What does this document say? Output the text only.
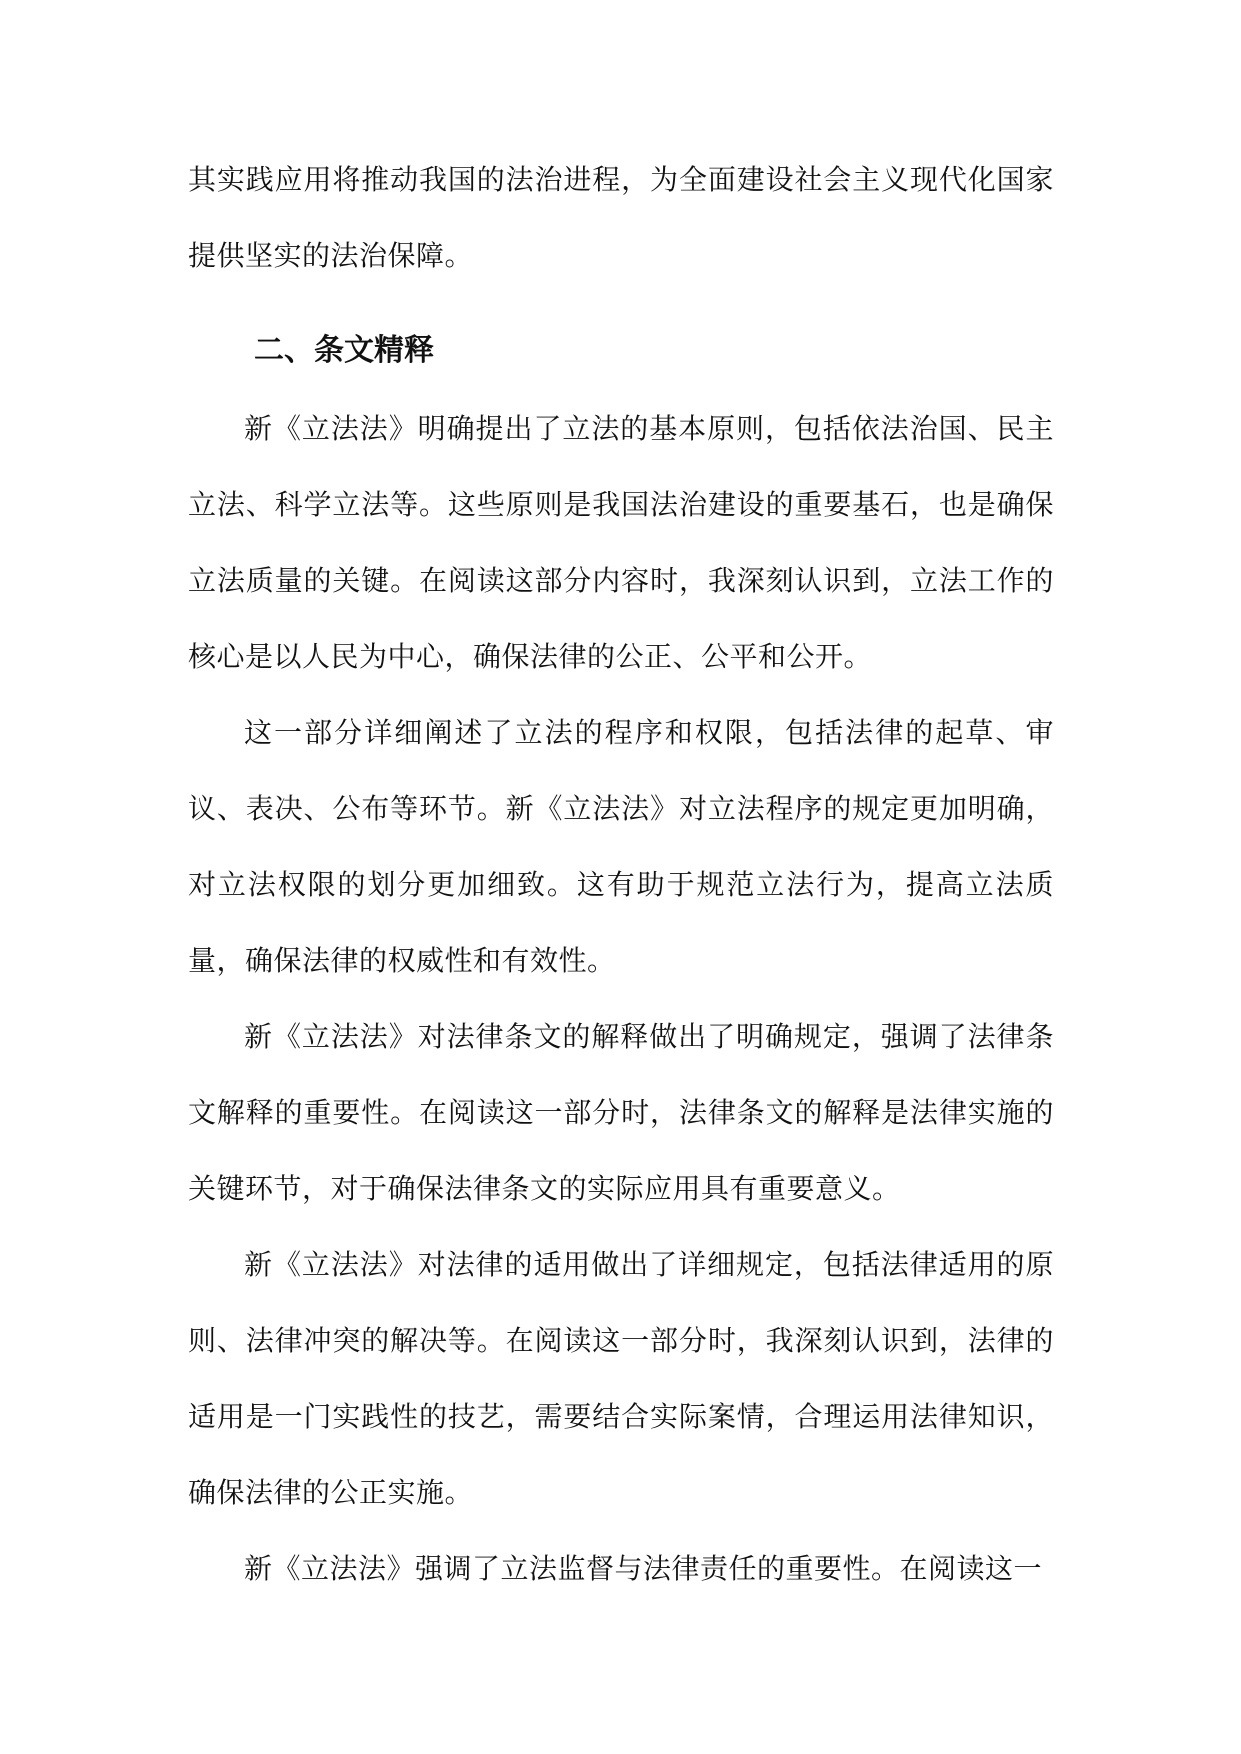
其实践应用将推动我国的法治进程，为全面建设社会主义现代化国家提供坚实的法治保障。

二、条文精释

新《立法法》明确提出了立法的基本原则，包括依法治国、民主立法、科学立法等。这些原则是我国法治建设的重要基石，也是确保立法质量的关键。在阅读这部分内容时，我深刻认识到，立法工作的核心是以人民为中心，确保法律的公正、公平和公开。

这一部分详细阐述了立法的程序和权限，包括法律的起草、审议、表决、公布等环节。新《立法法》对立法程序的规定更加明确，对立法权限的划分更加细致。这有助于规范立法行为，提高立法质量，确保法律的权威性和有效性。

新《立法法》对法律条文的解释做出了明确规定，强调了法律条文解释的重要性。在阅读这一部分时，法律条文的解释是法律实施的关键环节，对于确保法律条文的实际应用具有重要意义。

新《立法法》对法律的适用做出了详细规定，包括法律适用的原则、法律冲突的解决等。在阅读这一部分时，我深刻认识到，法律的适用是一门实践性的技艺，需要结合实际案情，合理运用法律知识，确保法律的公正实施。

新《立法法》强调了立法监督与法律责任的重要性。在阅读这一
